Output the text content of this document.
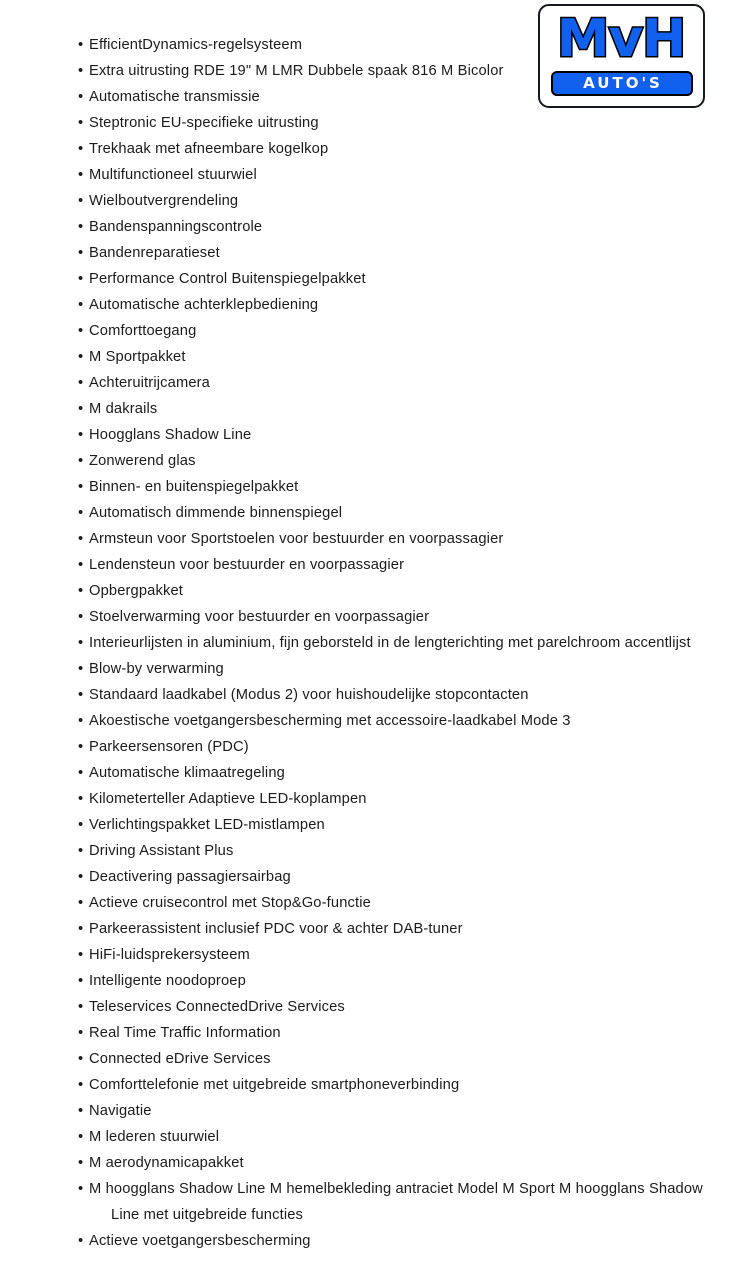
• EfficientDynamics-regelsysteem
• Extra uitrusting RDE 19" M LMR Dubbele spaak 816 M Bicolor
• Automatische transmissie
• Steptronic EU-specifieke uitrusting
• Trekhaak met afneembare kogelkop
• Multifunctioneel stuurwiel
• Wielboutvergrendeling
• Bandenspanningscontrole
• Bandenreparatieset
• Performance Control Buitenspiegelpakket
• Automatische achterklepbediening
• Comforttoegang
• M Sportpakket
• Achteruitrijcamera
• M dakrails
• Hoogglans Shadow Line
• Zonwerend glas
• Binnen- en buitenspiegelpakket
• Automatisch dimmende binnenspiegel
• Armsteun voor Sportstoelen voor bestuurder en voorpassagier
• Lendensteun voor bestuurder en voorpassagier
• Opbergpakket
• Stoelverwarming voor bestuurder en voorpassagier
• Interieurlijsten in aluminium, fijn geborsteld in de lengterichting met parelchroom accentlijst
• Blow-by verwarming
• Standaard laadkabel (Modus 2) voor huishoudelijke stopcontacten
• Akoestische voetgangersbescherming met accessoire-laadkabel Mode 3
• Parkeersensoren (PDC)
• Automatische klimaatregeling
• Kilometerteller Adaptieve LED-koplampen
• Verlichtingspakket LED-mistlampen
• Driving Assistant Plus
• Deactivering passagiersairbag
• Actieve cruisecontrol met Stop&Go-functie
• Parkeerassistent inclusief PDC voor & achter DAB-tuner
• HiFi-luidsprekersysteem
• Intelligente noodoproep
• Teleservices ConnectedDrive Services
• Real Time Traffic Information
• Connected eDrive Services
• Comforttelefonie met uitgebreide smartphoneverbinding
• Navigatie
• M lederen stuurwiel
• M aerodynamicapakket
• M hoogglans Shadow Line M hemelbekleding antraciet Model M Sport M hoogglans Shadow Line met uitgebreide functies
• Actieve voetgangersbescherming
MvH
AUTO'S
